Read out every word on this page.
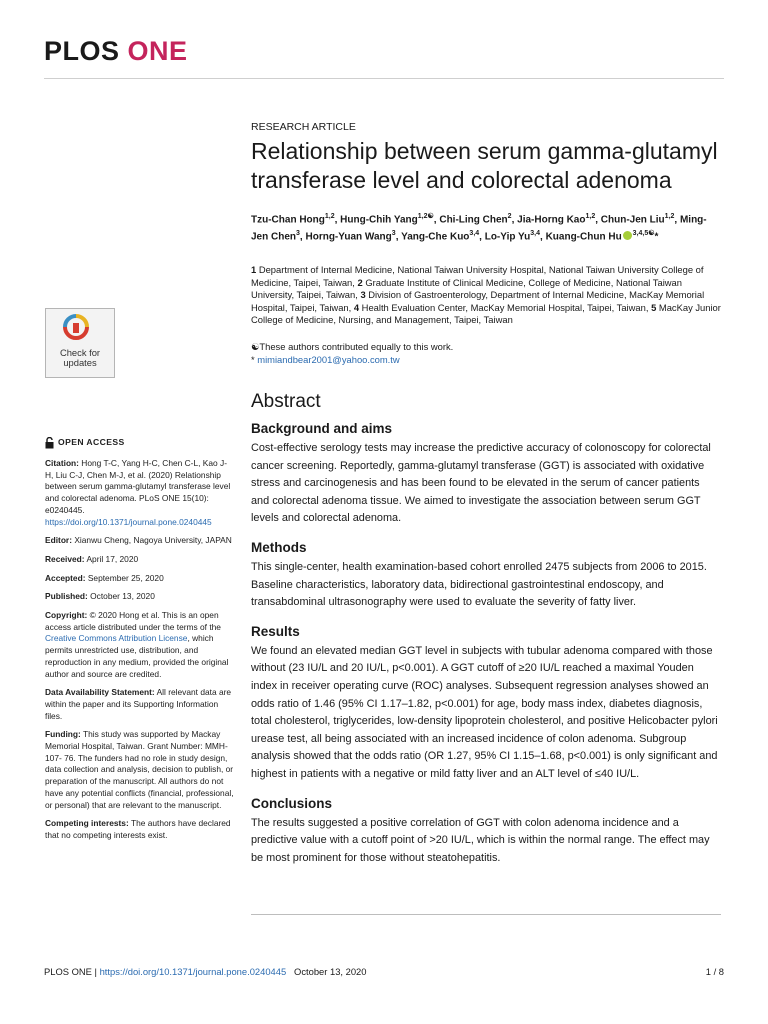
PLOS ONE
RESEARCH ARTICLE
Relationship between serum gamma-glutamyl transferase level and colorectal adenoma
Tzu-Chan Hong$^{1,2}$, Hung-Chih Yang$^{1,2☯}$, Chi-Ling Chen$^2$, Jia-Horng Kao$^{1,2}$, Chun-Jen Liu$^{1,2}$, Ming-Jen Chen$^3$, Horng-Yuan Wang$^3$, Yang-Che Kuo$^{3,4}$, Lo-Yip Yu$^{3,4}$, Kuang-Chun Hu $^{3,4,5☯}$*
1 Department of Internal Medicine, National Taiwan University Hospital, National Taiwan University College of Medicine, Taipei, Taiwan, 2 Graduate Institute of Clinical Medicine, College of Medicine, National Taiwan University, Taipei, Taiwan, 3 Division of Gastroenterology, Department of Internal Medicine, MacKay Memorial Hospital, Taipei, Taiwan, 4 Health Evaluation Center, MacKay Memorial Hospital, Taipei, Taiwan, 5 MacKay Junior College of Medicine, Nursing, and Management, Taipei, Taiwan
☯These authors contributed equally to this work.
* mimiandbear2001@yahoo.com.tw
Check for
updates
OPEN ACCESS
Citation: Hong T-C, Yang H-C, Chen C-L, Kao J-H, Liu C-J, Chen M-J, et al. (2020) Relationship between serum gamma-glutamyl transferase level and colorectal adenoma. PLoS ONE 15(10): e0240445. https://doi.org/10.1371/journal.pone.0240445
Editor: Xianwu Cheng, Nagoya University, JAPAN
Received: April 17, 2020
Accepted: September 25, 2020
Published: October 13, 2020
Copyright: © 2020 Hong et al. This is an open access article distributed under the terms of the Creative Commons Attribution License, which permits unrestricted use, distribution, and reproduction in any medium, provided the original author and source are credited.
Data Availability Statement: All relevant data are within the paper and its Supporting Information files.
Funding: This study was supported by Mackay Memorial Hospital, Taiwan. Grant Number: MMH-107- 76. The funders had no role in study design, data collection and analysis, decision to publish, or preparation of the manuscript. All authors do not have any potential conflicts (financial, professional, or personal) that are relevant to the manuscript.
Competing interests: The authors have declared that no competing interests exist.
Abstract
Background and aims
Cost-effective serology tests may increase the predictive accuracy of colonoscopy for colorectal cancer screening. Reportedly, gamma-glutamyl transferase (GGT) is associated with oxidative stress and carcinogenesis and has been found to be elevated in the serum of cancer patients and colorectal adenoma tissue. We aimed to investigate the association between serum GGT levels and colorectal adenoma.
Methods
This single-center, health examination-based cohort enrolled 2475 subjects from 2006 to 2015. Baseline characteristics, laboratory data, bidirectional gastrointestinal endoscopy, and transabdominal ultrasonography were used to evaluate the severity of fatty liver.
Results
We found an elevated median GGT level in subjects with tubular adenoma compared with those without (23 IU/L and 20 IU/L, p<0.001). A GGT cutoff of ≥20 IU/L reached a maximal Youden index in receiver operating curve (ROC) analyses. Subsequent regression analyses showed an odds ratio of 1.46 (95% CI 1.17–1.82, p<0.001) for age, body mass index, diabetes diagnosis, total cholesterol, triglycerides, low-density lipoprotein cholesterol, and positive Helicobacter pylori urease test, all being associated with an increased incidence of colon adenoma. Subgroup analysis showed that the odds ratio (OR 1.27, 95% CI 1.15–1.68, p<0.001) is only significant and highest in patients with a negative or mild fatty liver and an ALT level of ≤40 IU/L.
Conclusions
The results suggested a positive correlation of GGT with colon adenoma incidence and a predictive value with a cutoff point of >20 IU/L, which is within the normal range. The effect may be most prominent for those without steatohepatitis.
PLOS ONE | https://doi.org/10.1371/journal.pone.0240445 October 13, 2020	1 / 8
